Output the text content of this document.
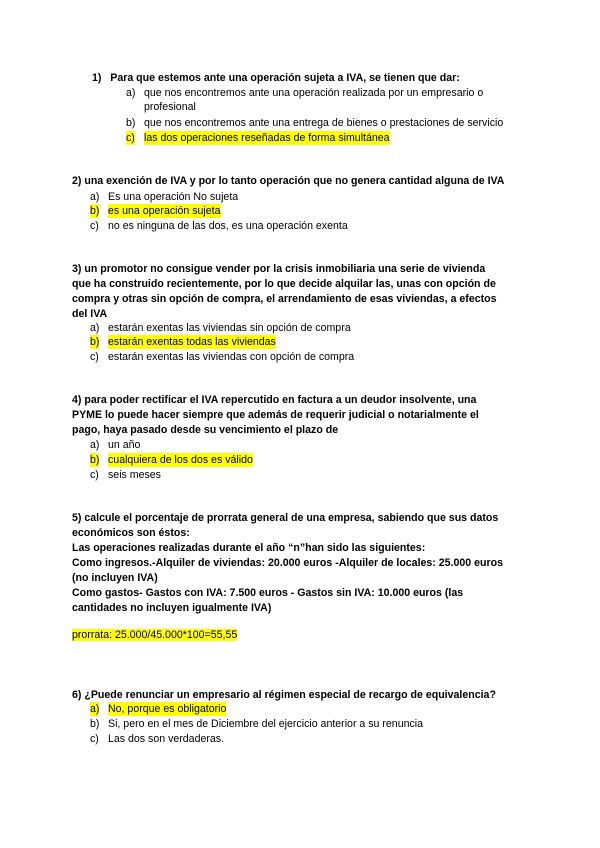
1) Para que estemos ante una operación sujeta a IVA, se tienen que dar:
a) que nos encontremos ante una operación realizada por un empresario o
profesional
b) que nos encontremos ante una entrega de bienes o prestaciones de servicio
c) las dos operaciones reseñadas de forma simultánea
2) una exención de IVA y por lo tanto operación que no genera cantidad alguna de IVA
a) Es una operación No sujeta
b) es una operación sujeta
c) no es ninguna de las dos, es una operación exenta
3) un promotor no consigue vender por la crisis inmobiliaria una serie de vivienda
que ha construido recientemente, por lo que decide alquilar las, unas con opción de
compra y otras sin opción de compra, el arrendamiento de esas viviendas, a efectos
del IVA
a) estarán exentas las viviendas sin opción de compra
b) estarán exentas todas las viviendas
c) estarán exentas las viviendas con opción de compra
4) para poder rectificar el IVA repercutido en factura a un deudor insolvente, una
PYME lo puede hacer siempre que además de requerir judicial o notarialmente el
pago, haya pasado desde su vencimiento el plazo de
a) un año
b) cualquiera de los dos es válido
c) seis meses
5) calcule el porcentaje de prorrata general de una empresa, sabiendo que sus datos
económicos son éstos:
Las operaciones realizadas durante el año “n”han sido las siguientes:
Como ingresos.-Alquiler de viviendas: 20.000 euros -Alquiler de locales: 25.000 euros
(no incluyen IVA)
Como gastos- Gastos con IVA: 7.500 euros - Gastos sin IVA: 10.000 euros (las
cantidades no incluyen igualmente IVA)
prorrata: 25.000/45.000*100=55,55
6) ¿Puede renunciar un empresario al régimen especial de recargo de equivalencia?
a) No, porque es obligatorio
b) Si, pero en el mes de Diciembre del ejercicio anterior a su renuncia
c) Las dos son verdaderas.
